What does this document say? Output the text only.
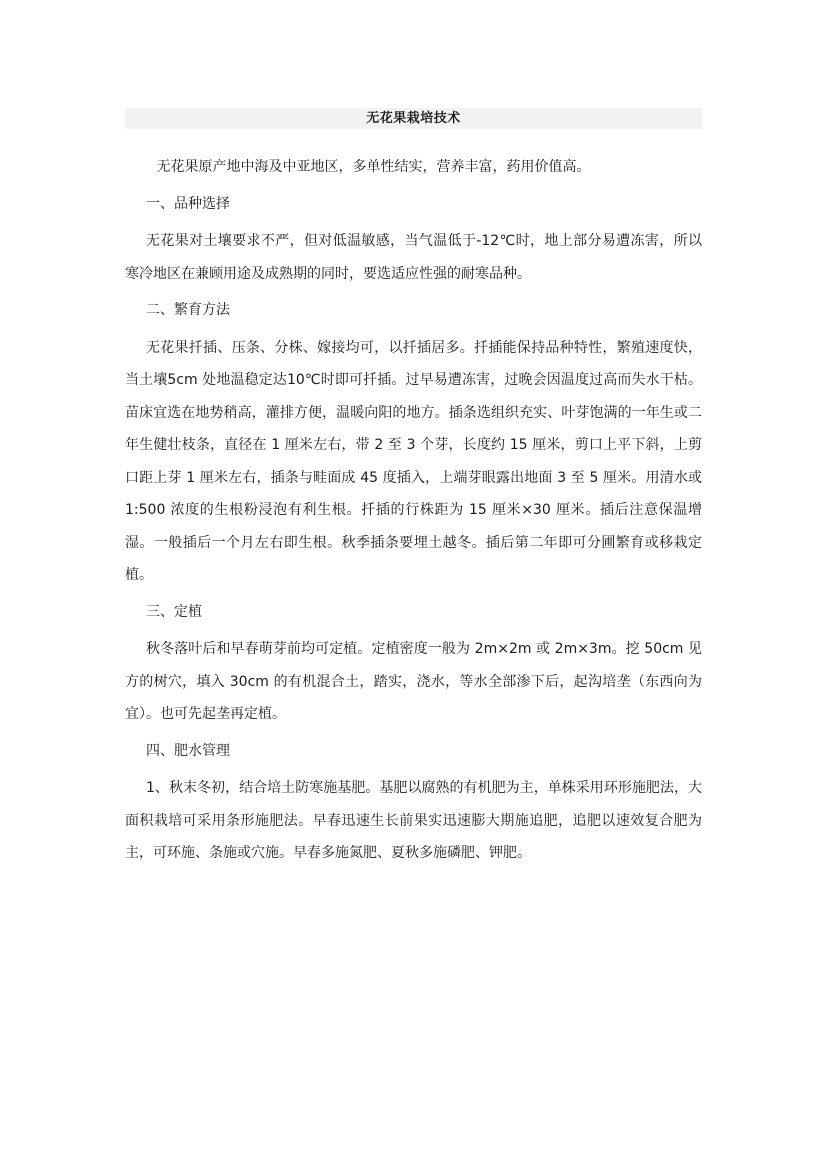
无花果栽培技术

无花果原产地中海及中亚地区，多单性结实，营养丰富，药用价值高。

一、品种选择

无花果对土壤要求不严，但对低温敏感，当气温低于-12℃时，地上部分易遭冻害，所以寒冷地区在兼顾用途及成熟期的同时，要选适应性强的耐寒品种。

二、繁育方法

无花果扦插、压条、分株、嫁接均可，以扦插居多。扦插能保持品种特性，繁殖速度快，当土壤5cm 处地温稳定达10℃时即可扦插。过早易遭冻害，过晚会因温度过高而失水干枯。苗床宜选在地势稍高，灌排方便，温暖向阳的地方。插条选组织充实、叶芽饱满的一年生或二年生健壮枝条，直径在 1 厘米左右，带 2 至 3 个芽，长度约 15 厘米，剪口上平下斜，上剪口距上芽 1 厘米左右，插条与畦面成 45 度插入，上端芽眼露出地面 3 至 5 厘米。用清水或 1:500 浓度的生根粉浸泡有利生根。扦插的行株距为 15 厘米×30 厘米。插后注意保温增湿。一般插后一个月左右即生根。秋季插条要埋土越冬。插后第二年即可分圃繁育或移栽定植。

三、定植

秋冬落叶后和早春萌芽前均可定植。定植密度一般为 2m×2m 或 2m×3m。挖 50cm 见方的树穴，填入 30cm 的有机混合土，踏实，浇水，等水全部渗下后，起沟培垄（东西向为宜）。也可先起垄再定植。

四、肥水管理

1、秋末冬初，结合培土防寒施基肥。基肥以腐熟的有机肥为主，单株采用环形施肥法，大面积栽培可采用条形施肥法。早春迅速生长前果实迅速膨大期施追肥，追肥以速效复合肥为主，可环施、条施或穴施。早春多施氮肥、夏秋多施磷肥、钾肥。
